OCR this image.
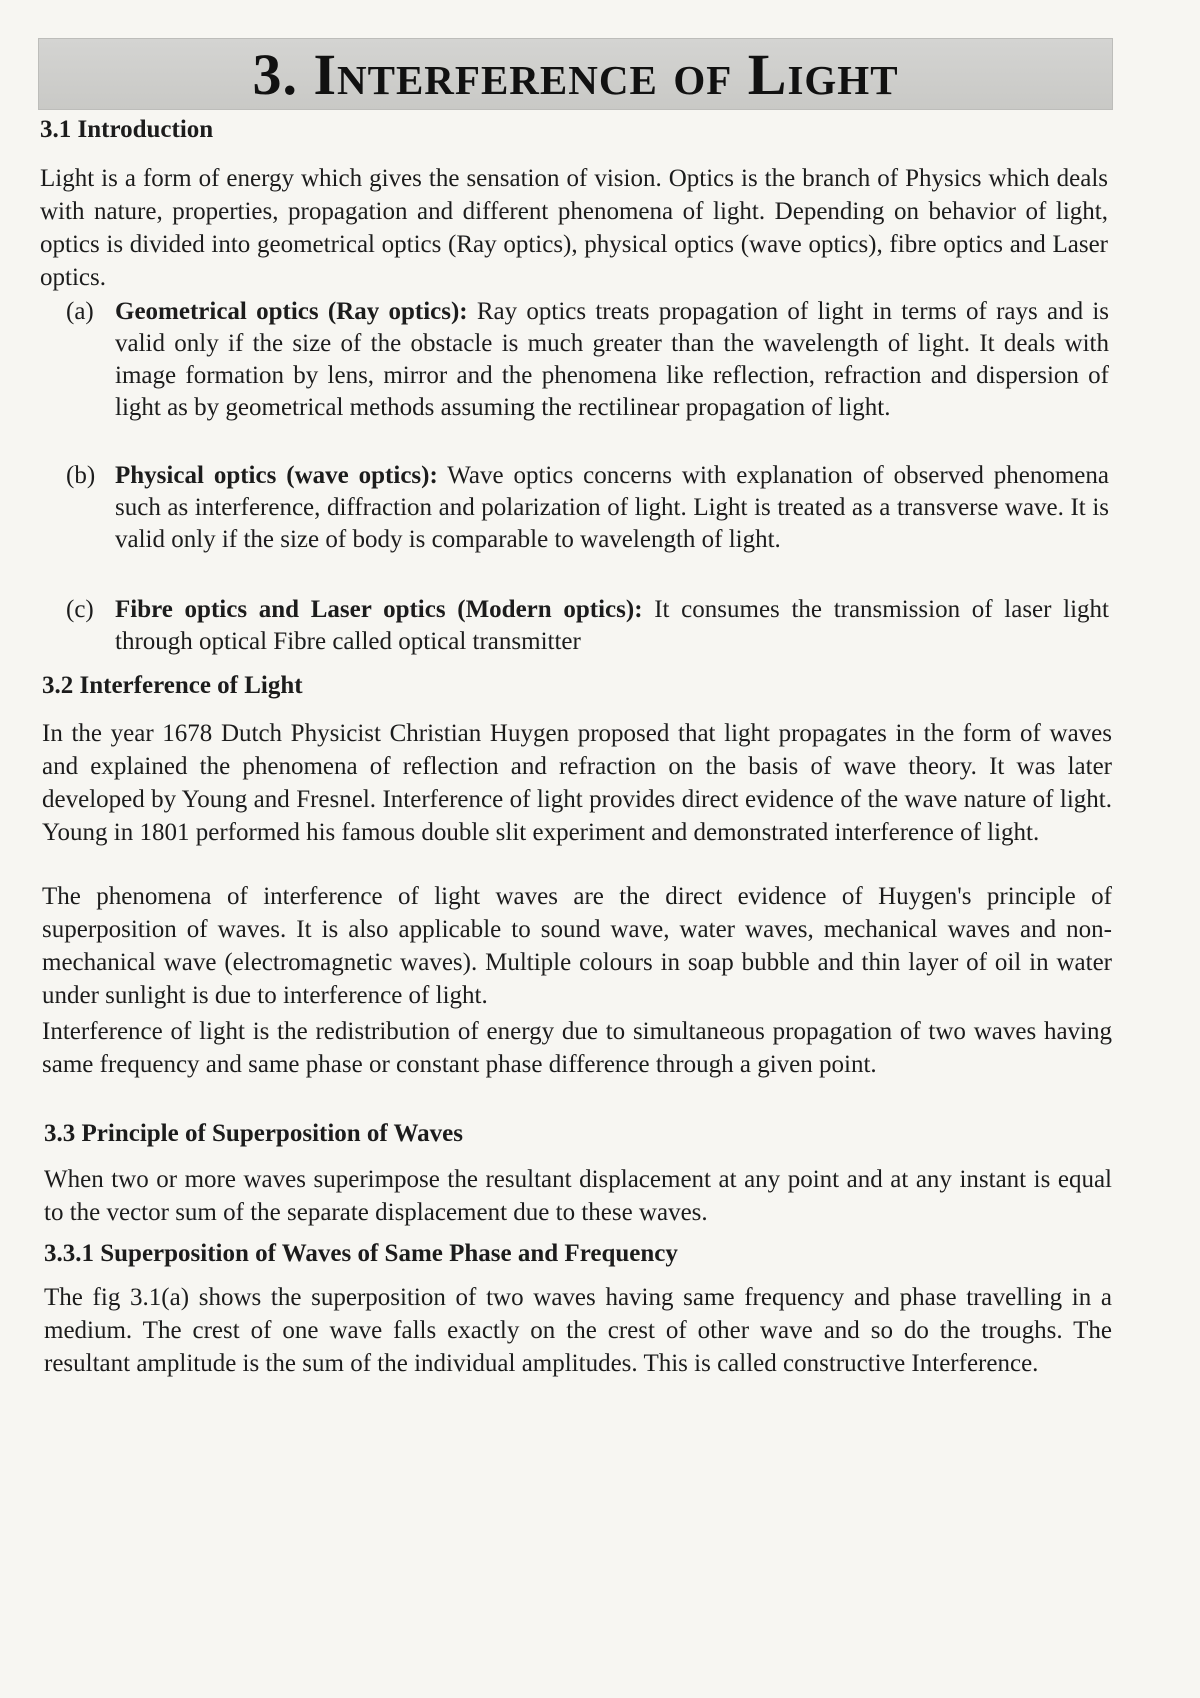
3. Interference of Light
3.1 Introduction

Light is a form of energy which gives the sensation of vision. Optics is the branch of Physics which deals with nature, properties, propagation and different phenomena of light. Depending on behavior of light, optics is divided into geometrical optics (Ray optics), physical optics (wave optics), fibre optics and Laser optics.

(a) Geometrical optics (Ray optics): Ray optics treats propagation of light in terms of rays and is valid only if the size of the obstacle is much greater than the wavelength of light. It deals with image formation by lens, mirror and the phenomena like reflection, refraction and dispersion of light as by geometrical methods assuming the rectilinear propagation of light.
(b) Physical optics (wave optics): Wave optics concerns with explanation of observed phenomena such as interference, diffraction and polarization of light. Light is treated as a transverse wave. It is valid only if the size of body is comparable to wavelength of light.
(c) Fibre optics and Laser optics (Modern optics): It consumes the transmission of laser light through optical Fibre called optical transmitter
3.2 Interference of Light

In the year 1678 Dutch Physicist Christian Huygen proposed that light propagates in the form of waves and explained the phenomena of reflection and refraction on the basis of wave theory. It was later developed by Young and Fresnel. Interference of light provides direct evidence of the wave nature of light. Young in 1801 performed his famous double slit experiment and demonstrated interference of light.

The phenomena of interference of light waves are the direct evidence of Huygen's principle of superposition of waves. It is also applicable to sound wave, water waves, mechanical waves and non-mechanical wave (electromagnetic waves). Multiple colours in soap bubble and thin layer of oil in water under sunlight is due to interference of light.

Interference of light is the redistribution of energy due to simultaneous propagation of two waves having same frequency and same phase or constant phase difference through a given point.

3.3 Principle of Superposition of Waves

When two or more waves superimpose the resultant displacement at any point and at any instant is equal to the vector sum of the separate displacement due to these waves.

3.3.1 Superposition of Waves of Same Phase and Frequency

The fig 3.1(a) shows the superposition of two waves having same frequency and phase travelling in a medium. The crest of one wave falls exactly on the crest of other wave and so do the troughs. The resultant amplitude is the sum of the individual amplitudes. This is called constructive Interference.
